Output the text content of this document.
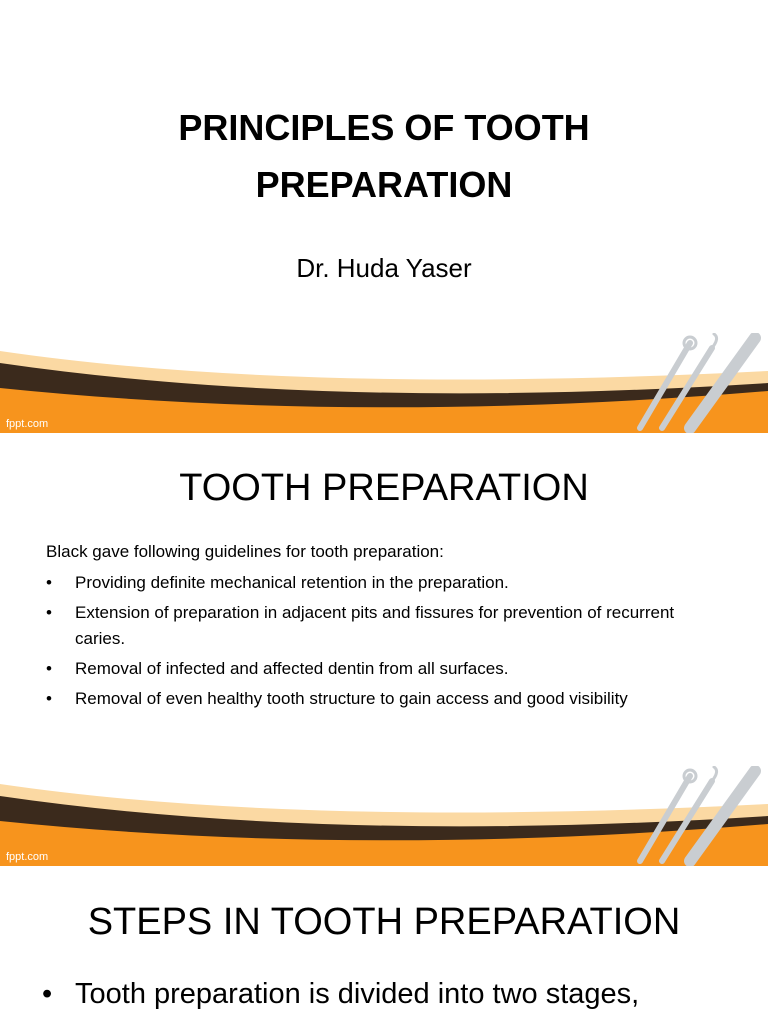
PRINCIPLES OF TOOTH
PREPARATION
Dr. Huda Yaser
fppt.com
TOOTH PREPARATION
Black gave following guidelines for tooth preparation:
• Providing definite mechanical retention in the preparation.
• Extension of preparation in adjacent pits and fissures for prevention of recurrent caries.
• Removal of infected and affected dentin from all surfaces.
• Removal of even healthy tooth structure to gain access and good visibility
fppt.com
STEPS IN TOOTH PREPARATION
• Tooth preparation is divided into two stages,
